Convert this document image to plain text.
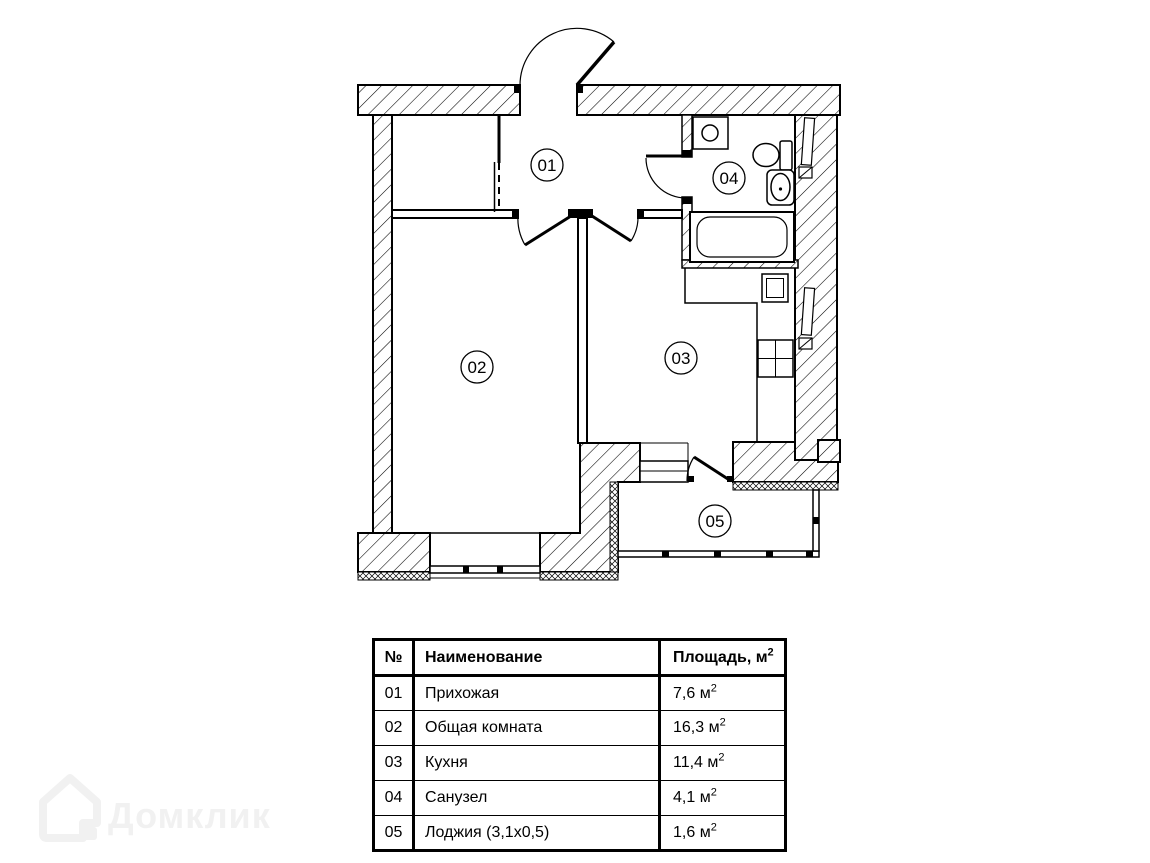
01
02	03
04
05
№	Наименование	Площадь, $м^2$
01	Прихожая	7,6 $м^2$
02	Общая комната	16,3 $м^2$
03	Кухня	11,4 $м^2$
04	Санузел	4,1 $м^2$
05	Лоджия (3,1х0,5)	1,6 $м^2$
Домклик
